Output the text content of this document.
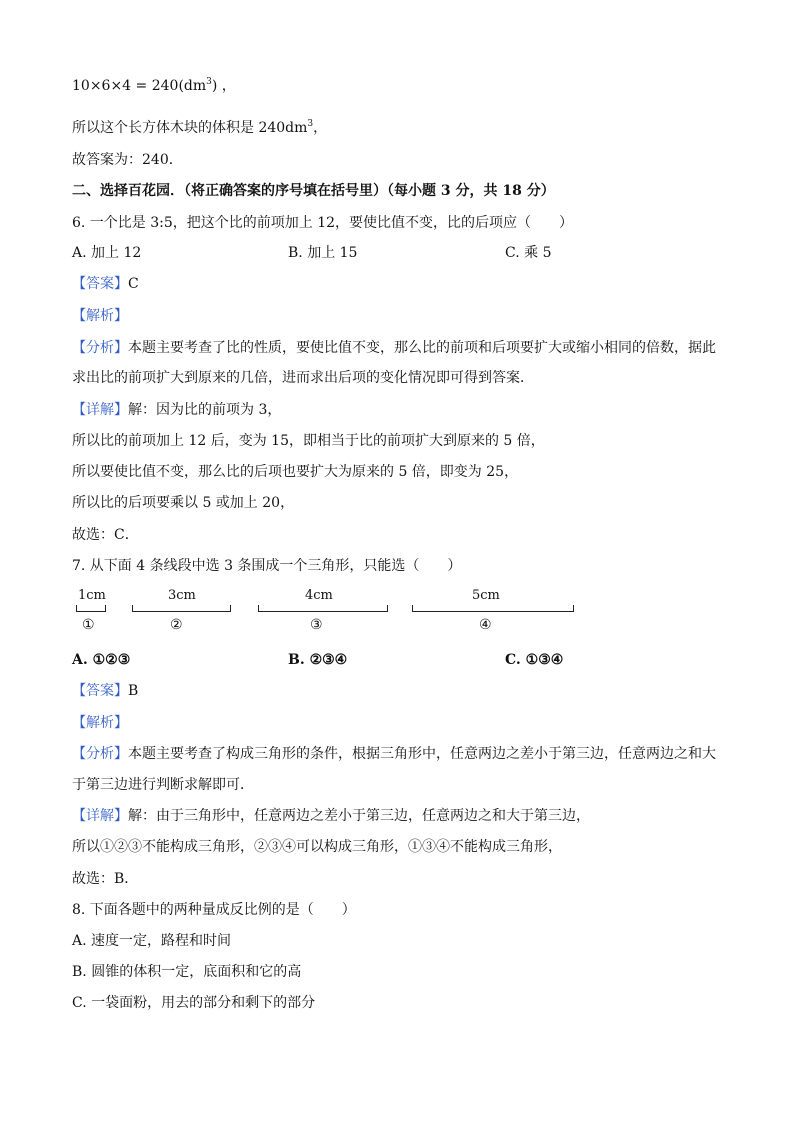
$10\times 6\times 4 = 240(dm^3)$ ，
所以这个长方体木块的体积是 $240dm^3$，
故答案为：240．
二、选择百花园．（将正确答案的序号填在括号里）（每小题 3 分，共 18 分）
6. 一个比是 3:5，把这个比的前项加上 12，要使比值不变，比的后项应（　　）
A. 加上 12	B. 加上 15	C. 乘 5
【答案】C
【解析】
【分析】本题主要考查了比的性质，要使比值不变，那么比的前项和后项要扩大或缩小相同的倍数，据此
求出比的前项扩大到原来的几倍，进而求出后项的变化情况即可得到答案．
【详解】解：因为比的前项为 3，
所以比的前项加上 12 后，变为 15，即相当于比的前项扩大到原来的 5 倍，
所以要使比值不变，那么比的后项也要扩大为原来的 5 倍，即变为 25，
所以比的后项要乘以 5 或加上 20，
故选：C．
7. 从下面 4 条线段中选 3 条围成一个三角形，只能选（　　）
1cm
①
3cm
②
4cm
③
5cm
④
A. ①②③	B. ②③④	C. ①③④
【答案】B
【解析】
【分析】本题主要考查了构成三角形的条件，根据三角形中，任意两边之差小于第三边，任意两边之和大
于第三边进行判断求解即可．
【详解】解：由于三角形中，任意两边之差小于第三边，任意两边之和大于第三边，
所以①②③不能构成三角形，②③④可以构成三角形，①③④不能构成三角形，
故选：B．
8. 下面各题中的两种量成反比例的是（　　）
A. 速度一定，路程和时间
B. 圆锥的体积一定，底面积和它的高
C. 一袋面粉，用去的部分和剩下的部分
